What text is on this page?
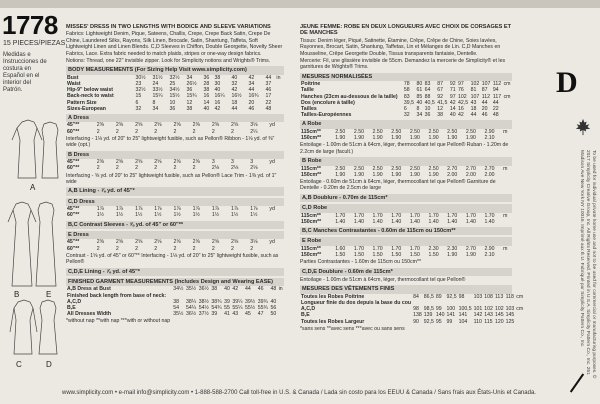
1778
15 PIECES/PIEZAS
Medidas e Instrucciones de costura en Español en el interior del Patrón.
A
B
C	D
E
MISSES' DRESS IN TWO LENGTHS WITH BODICE AND SLEEVE VARIATIONS
Fabrics: Lightweight Denim, Pique, Sateens, Challis, Crepe, Crepe Back Satin, Crepe De Chine, Laundered Silks, Rayons, Silk Linen, Brocade, Satin, Shantung, Taffeta, Soft Lightweight Linen and Linen Blends. C,D Sleeves in Chiffon, Double Georgette, Novelty Sheer Fabrics, Lace. Extra fabric needed to match plaids, stripes or one-way design fabrics.
Notions: Thread, one 22" invisible zipper. Look for Simplicity notions and Wrights® Trims.
BODY MEASUREMENTS (For Sizing Help Visit www.simplicity.com)
Bust	30½	31½	32½	34	36	38	40	42	44	in
Waist	23	24	25	26½	28	30	32	34	37	
Hip-9" below waist	32½	33½	34½	36	38	40	42	44	46	
Back-neck to waist	15	15¼	15½	15¾	16	16¼	16½	16¾	17	
Pattern Size	6	8	10	12	14	16	18	20	22	
Sizes-European	32	34	36	38	40	42	44	46	48	
A Dress
45"**	2⅝	2⅝	2⅝	2⅝	2⅝	2⅝	2⅝	2⅝	3⅛	yd
60"**	2	2	2	2	2	2	2	2	2¼	
Interfacing - 1⅛ yd. of 20" to 25" lightweight fusible, such as Pellon® Ribbon - 1⅛ yd. of ⅜" wide (opt.)
B Dress
45"**	2⅝	2⅝	2⅝	2⅝	2⅝	2⅝	3	3	3	yd
60"**	2	2	2	2	2	2	2⅛	2⅛	2⅛	
Interfacing - ⅝ yd. of 20" to 25" lightweight fusible, such as Pellon® Lace Trim - 1⅜ yd. of 1" wide
A,B Lining - ⅞ yd. of 45"*
C,D Dress
45"**	1⅞	1⅞	1⅞	1⅞	1⅞	1⅞	1⅞	1⅞	1⅞	yd
60"**	1½	1½	1½	1½	1½	1½	1½	1½	1½	
B,C Contrast Sleeves - ⅝ yd. of 45" or 60"**
E Dress
45"**	2⅝	2⅝	2⅝	2⅝	2⅝	2⅝	2⅝	2⅝	3⅛	yd
60"**	2	2	2	2	2	2	2	2	2	
Contrast - 1⅝ yd. of 45" or 60"** Interfacing - 1⅛ yd. of 20" to 25" lightweight fusible, such as Pellon®
C,D,E Lining - ⅞ yd. of 45"*
FINISHED GARMENT MEASUREMENTS (Includes Design and Wearing EASE)
A,B Dress at Bust	34½	35½	36½	38	40	42	44	46	48	in
Finished back length from base of neck:										
A,C,D	38	38¼	38½	38¾	39	39¼	39½	39¾	40	
B,E	54	54¼	54½	54¾	55	55¼	55½	55¾	56	
All Dresses Width	35½	36½	37½	39	41	43	45	47	50	
*without nap **with nap ***with or without nap
JEUNE FEMME: ROBE EN DEUX LONGUEURS AVEC CHOIX DE CORSAGES ET DE MANCHES
Tissus: Denim léger, Piqué, Satinette, Étamine, Crêpe, Crêpe de Chine, Soies lavées, Rayonnes, Brocart, Satin, Shantung, Taffetas, Lin et Mélanges de Lin. C,D Manches en Mousseline, Crêpe Georgette Double, Tissus transparents fantaisie, Dentelle.
Mercerie: Fil, une glissière invisible de 55cm. Demandez la mercerie de Simplicity® et les garnitures de Wrights® Trims.
MESURES NORMALISÉES
Poitrine	78	80	83	87	92	97	102	107	112	cm
Taille	58	61	64	67	71	76	81	87	94	
Hanches (23cm au-dessous de la taille)	83	85	88	92	97	102	107	112	117	cm
Dos (encolure à taille)	39,5	40	40,5	41,5	42	42,5	43	44	44	
Tailles	6	8	10	12	14	16	18	20	22	
Tailles-Européennes	32	34	36	38	40	42	44	46	48	
A Robe
115cm**	2.50	2.50	2.50	2.50	2.50	2.50	2.50	2.50	2.90	m
150cm**	1.90	1.90	1.90	1.90	1.90	1.90	1.90	1.90	2.10	
Entoilage - 1.00m de 51cm à 64cm, léger, thermocollant tel que Pellon® Ruban - 1.20m de 2.2cm de large (facult.)
B Robe
115cm**	2.50	2.50	2.50	2.50	2.50	2.50	2.70	2.70	2.70	m
150cm**	1.90	1.90	1.90	1.90	1.90	1.90	2.00	2.00	2.00	
Entoilage - 0.60m de 51cm à 64cm, léger, thermocollant tel que Pellon® Garniture de Dentelle - 0.20m de 2.5cm de large
A,B Doublure - 0.70m de 115cm*
C,D Robe
115cm**	1.70	1.70	1.70	1.70	1.70	1.70	1.70	1.70	1.70	m
150cm**	1.40	1.40	1.40	1.40	1.40	1.40	1.40	1.40	1.40	
B,C Manches Contrastantes - 0.60m de 115cm ou 150cm**
E Robe
115cm**	1.60	1.70	1.70	1.70	1.70	2.30	2.30	2.70	2.90	m
150cm**	1.50	1.50	1.50	1.50	1.50	1.50	1.90	1.90	2.10	
Parties Contrastantes - 1.60m de 115cm ou 150cm**
C,D,E Doublure - 0.60m de 115cm*
Entoilage - 1.00m de 51cm à 64cm, léger, thermocollant tel que Pellon®
MESURES DES VÊTEMENTS FINIS
Toutes les Robes Poitrine	84	86,5	89	92,5	98	103	108	113	118	cm
Longueur finie du dos depuis la base du cou										
A,C,D	98	98,5	99	100	100,5	101	102	102	103	cm
B,E	138	139	140	141	141	142	143	145	145	
Toutes les Robes Largeur	90	92,5	95	99	104	110	115	120	125	
*sans sens **avec sens ***avec ou sans sens
D
To be used for individual private home use and not to be used for commercial or manufacturing purposes. © 2017 Simplicity Creative Group, Inc. All Rights Reserved. Printed in U.S.A. Simplicity Pattern Co., Inc. 261 Madison Ave New York NY 10016. Imprimé aux É.U. Fabriqué par Simplicity Pattern Co., Inc.
www.simplicity.com • e-mail info@simplicity.com • 1-888-588-2700 Call toll-free in U.S. & Canada / Lada sin costo para los EEUU & Canada / Sans frais aux États-Unis et Canada.
